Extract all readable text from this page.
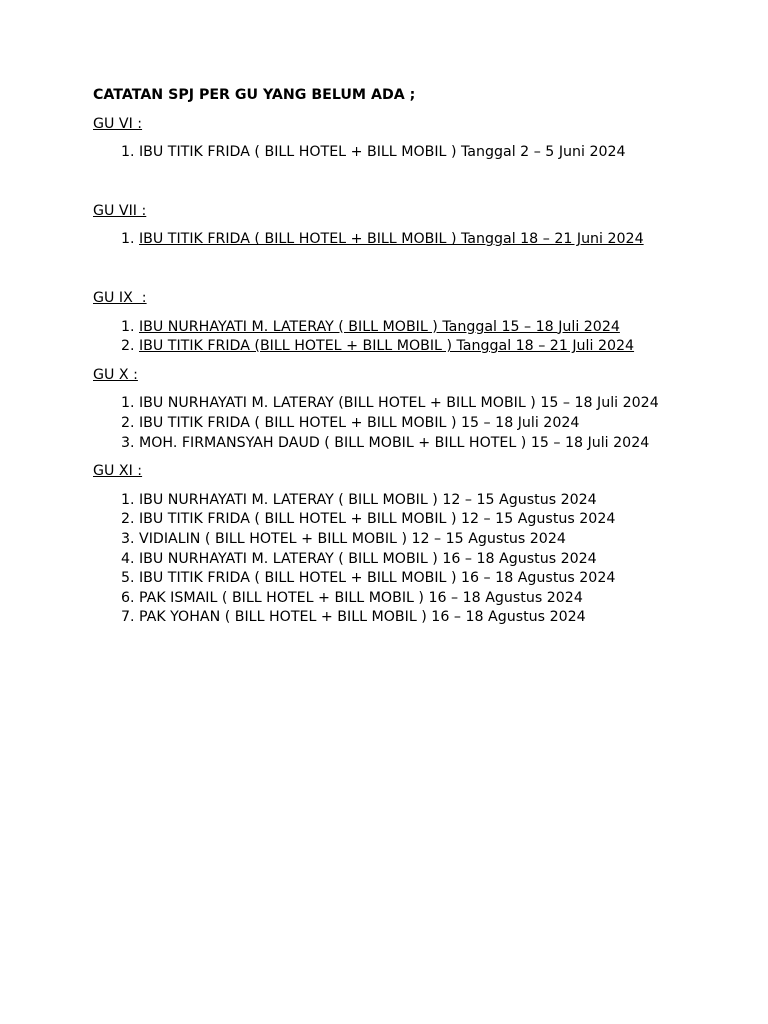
CATATAN SPJ PER GU YANG BELUM ADA ;
GU VI :
1. IBU TITIK FRIDA ( BILL HOTEL + BILL MOBIL ) Tanggal 2 – 5 Juni 2024
GU VII :
1. IBU TITIK FRIDA ( BILL HOTEL + BILL MOBIL ) Tanggal 18 – 21 Juni 2024
GU IX  :
1. IBU NURHAYATI M. LATERAY ( BILL MOBIL ) Tanggal 15 – 18 Juli 2024
2. IBU TITIK FRIDA (BILL HOTEL + BILL MOBIL ) Tanggal 18 – 21 Juli 2024
GU X :
1. IBU NURHAYATI M. LATERAY (BILL HOTEL + BILL MOBIL ) 15 – 18 Juli 2024
2. IBU TITIK FRIDA ( BILL HOTEL + BILL MOBIL ) 15 – 18 Juli 2024
3. MOH. FIRMANSYAH DAUD ( BILL MOBIL + BILL HOTEL ) 15 – 18 Juli 2024
GU XI :
1. IBU NURHAYATI M. LATERAY ( BILL MOBIL ) 12 – 15 Agustus 2024
2. IBU TITIK FRIDA ( BILL HOTEL + BILL MOBIL ) 12 – 15 Agustus 2024
3. VIDIALIN ( BILL HOTEL + BILL MOBIL ) 12 – 15 Agustus 2024
4. IBU NURHAYATI M. LATERAY ( BILL MOBIL ) 16 – 18 Agustus 2024
5. IBU TITIK FRIDA ( BILL HOTEL + BILL MOBIL ) 16 – 18 Agustus 2024
6. PAK ISMAIL ( BILL HOTEL + BILL MOBIL ) 16 – 18 Agustus 2024
7. PAK YOHAN ( BILL HOTEL + BILL MOBIL ) 16 – 18 Agustus 2024
